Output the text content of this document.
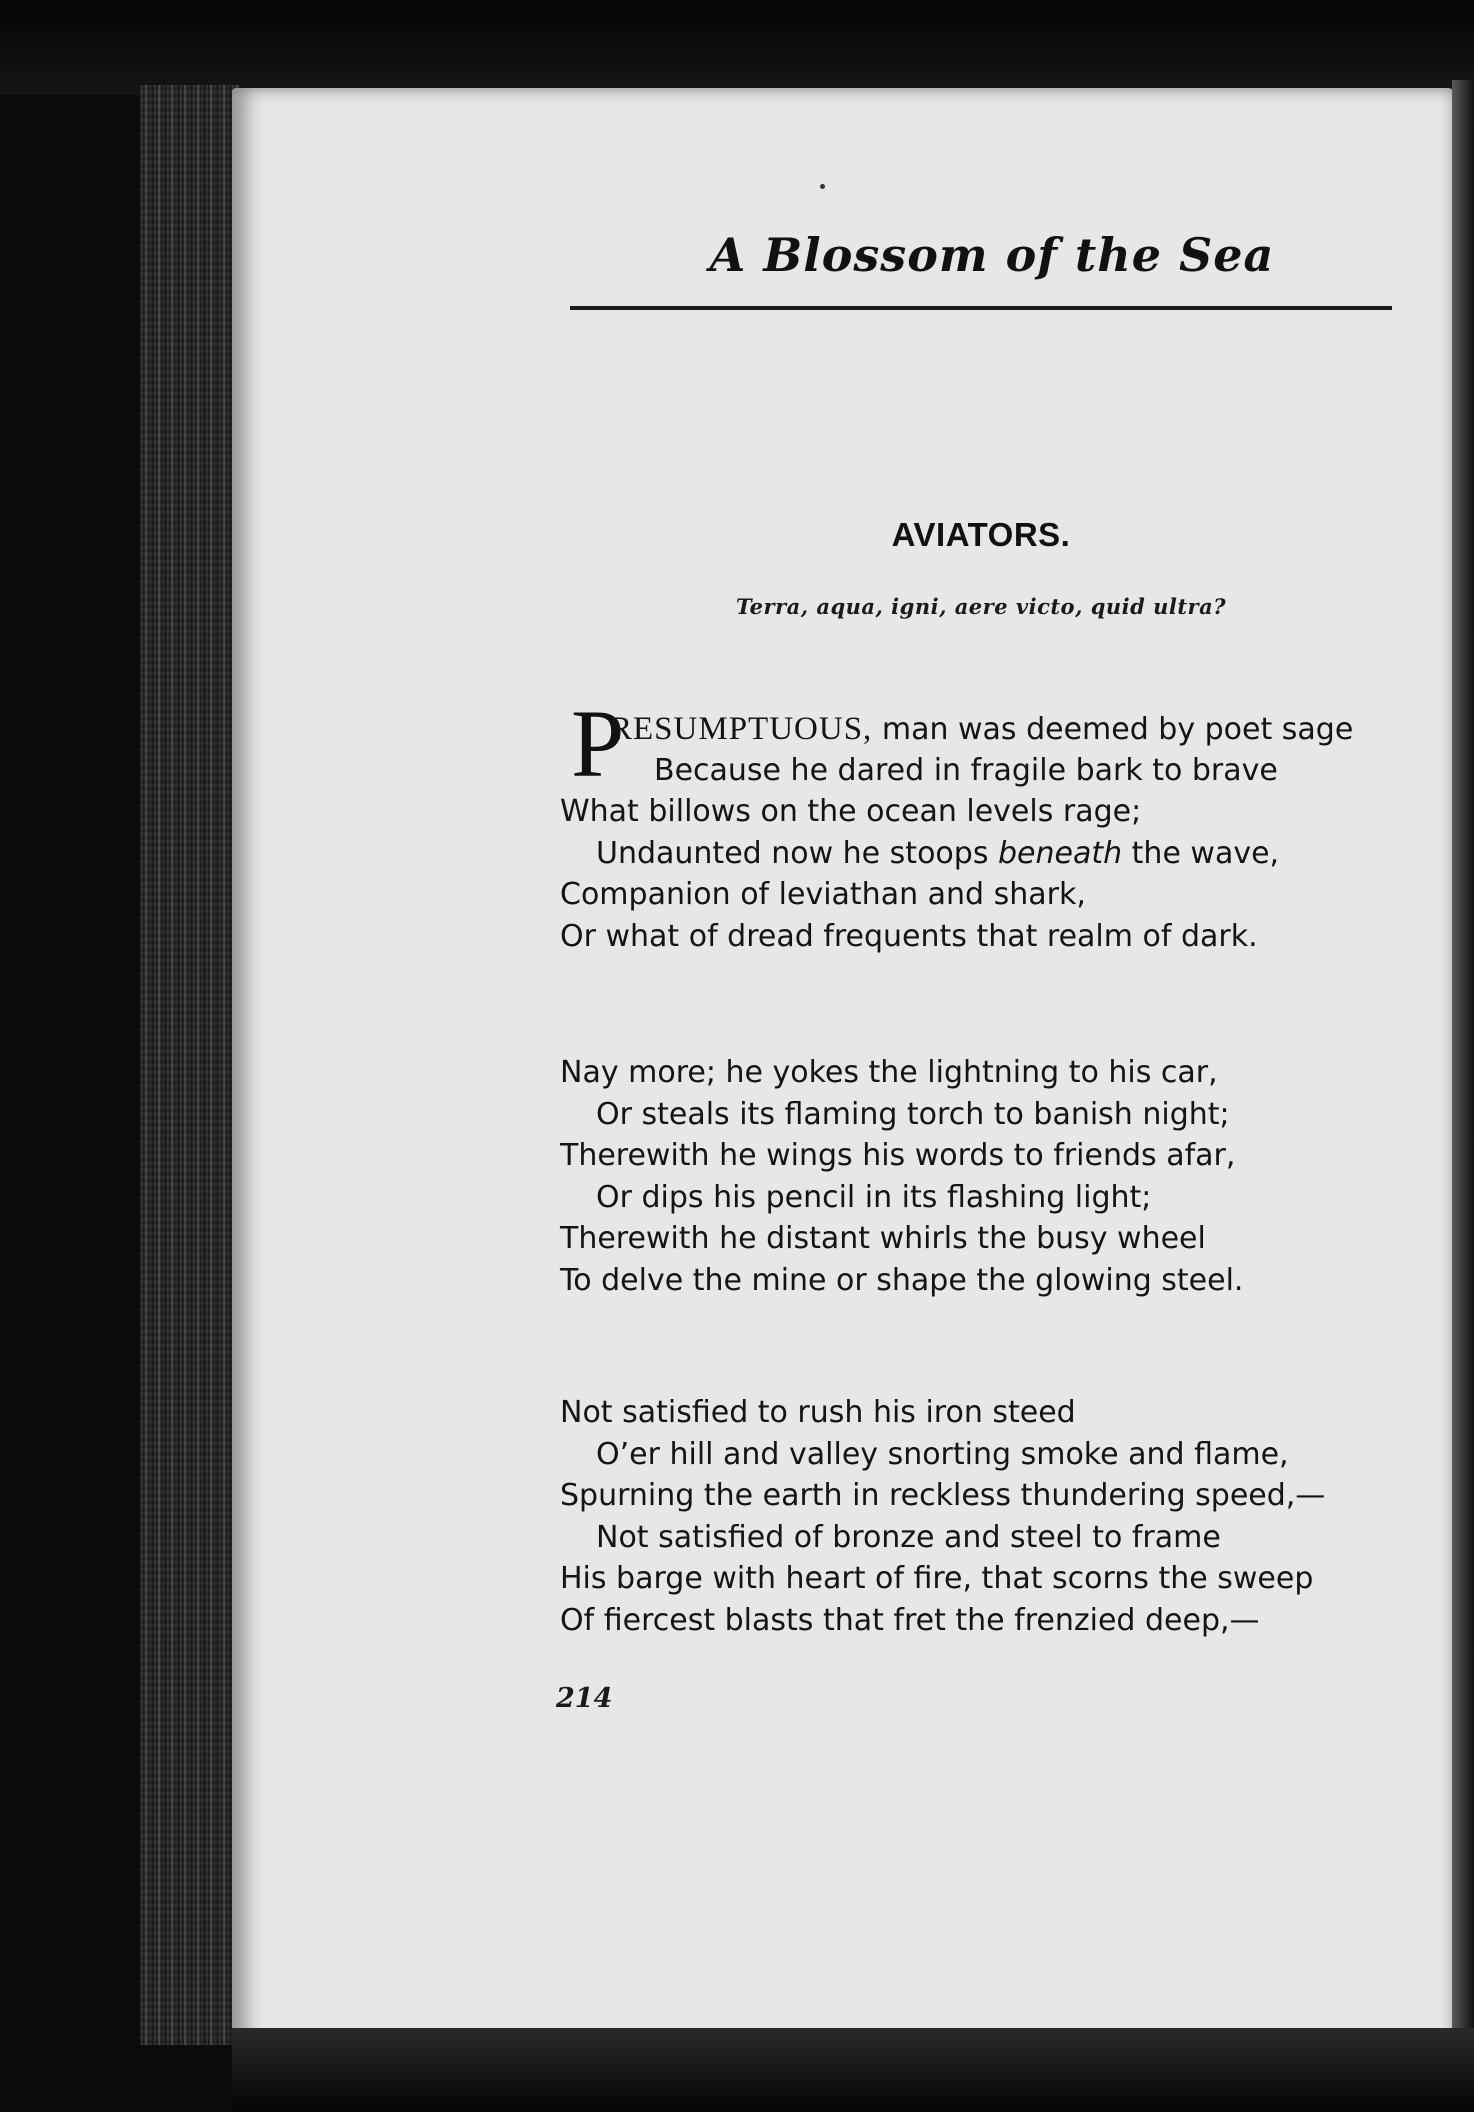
A Blossom of the Sea
AVIATORS.

Terra, aqua, igni, aere victo, quid ultra?

P
RESUMPTUOUS, man was deemed by poet sage
Because he dared in fragile bark to brave
What billows on the ocean levels rage;
Undaunted now he stoops beneath the wave,
Companion of leviathan and shark,
Or what of dread frequents that realm of dark.
Nay more; he yokes the lightning to his car,
Or steals its flaming torch to banish night;
Therewith he wings his words to friends afar,
Or dips his pencil in its flashing light;
Therewith he distant whirls the busy wheel
To delve the mine or shape the glowing steel.
Not satisfied to rush his iron steed
O’er hill and valley snorting smoke and flame,
Spurning the earth in reckless thundering speed,—
Not satisfied of bronze and steel to frame
His barge with heart of fire, that scorns the sweep
Of fiercest blasts that fret the frenzied deep,—

214
